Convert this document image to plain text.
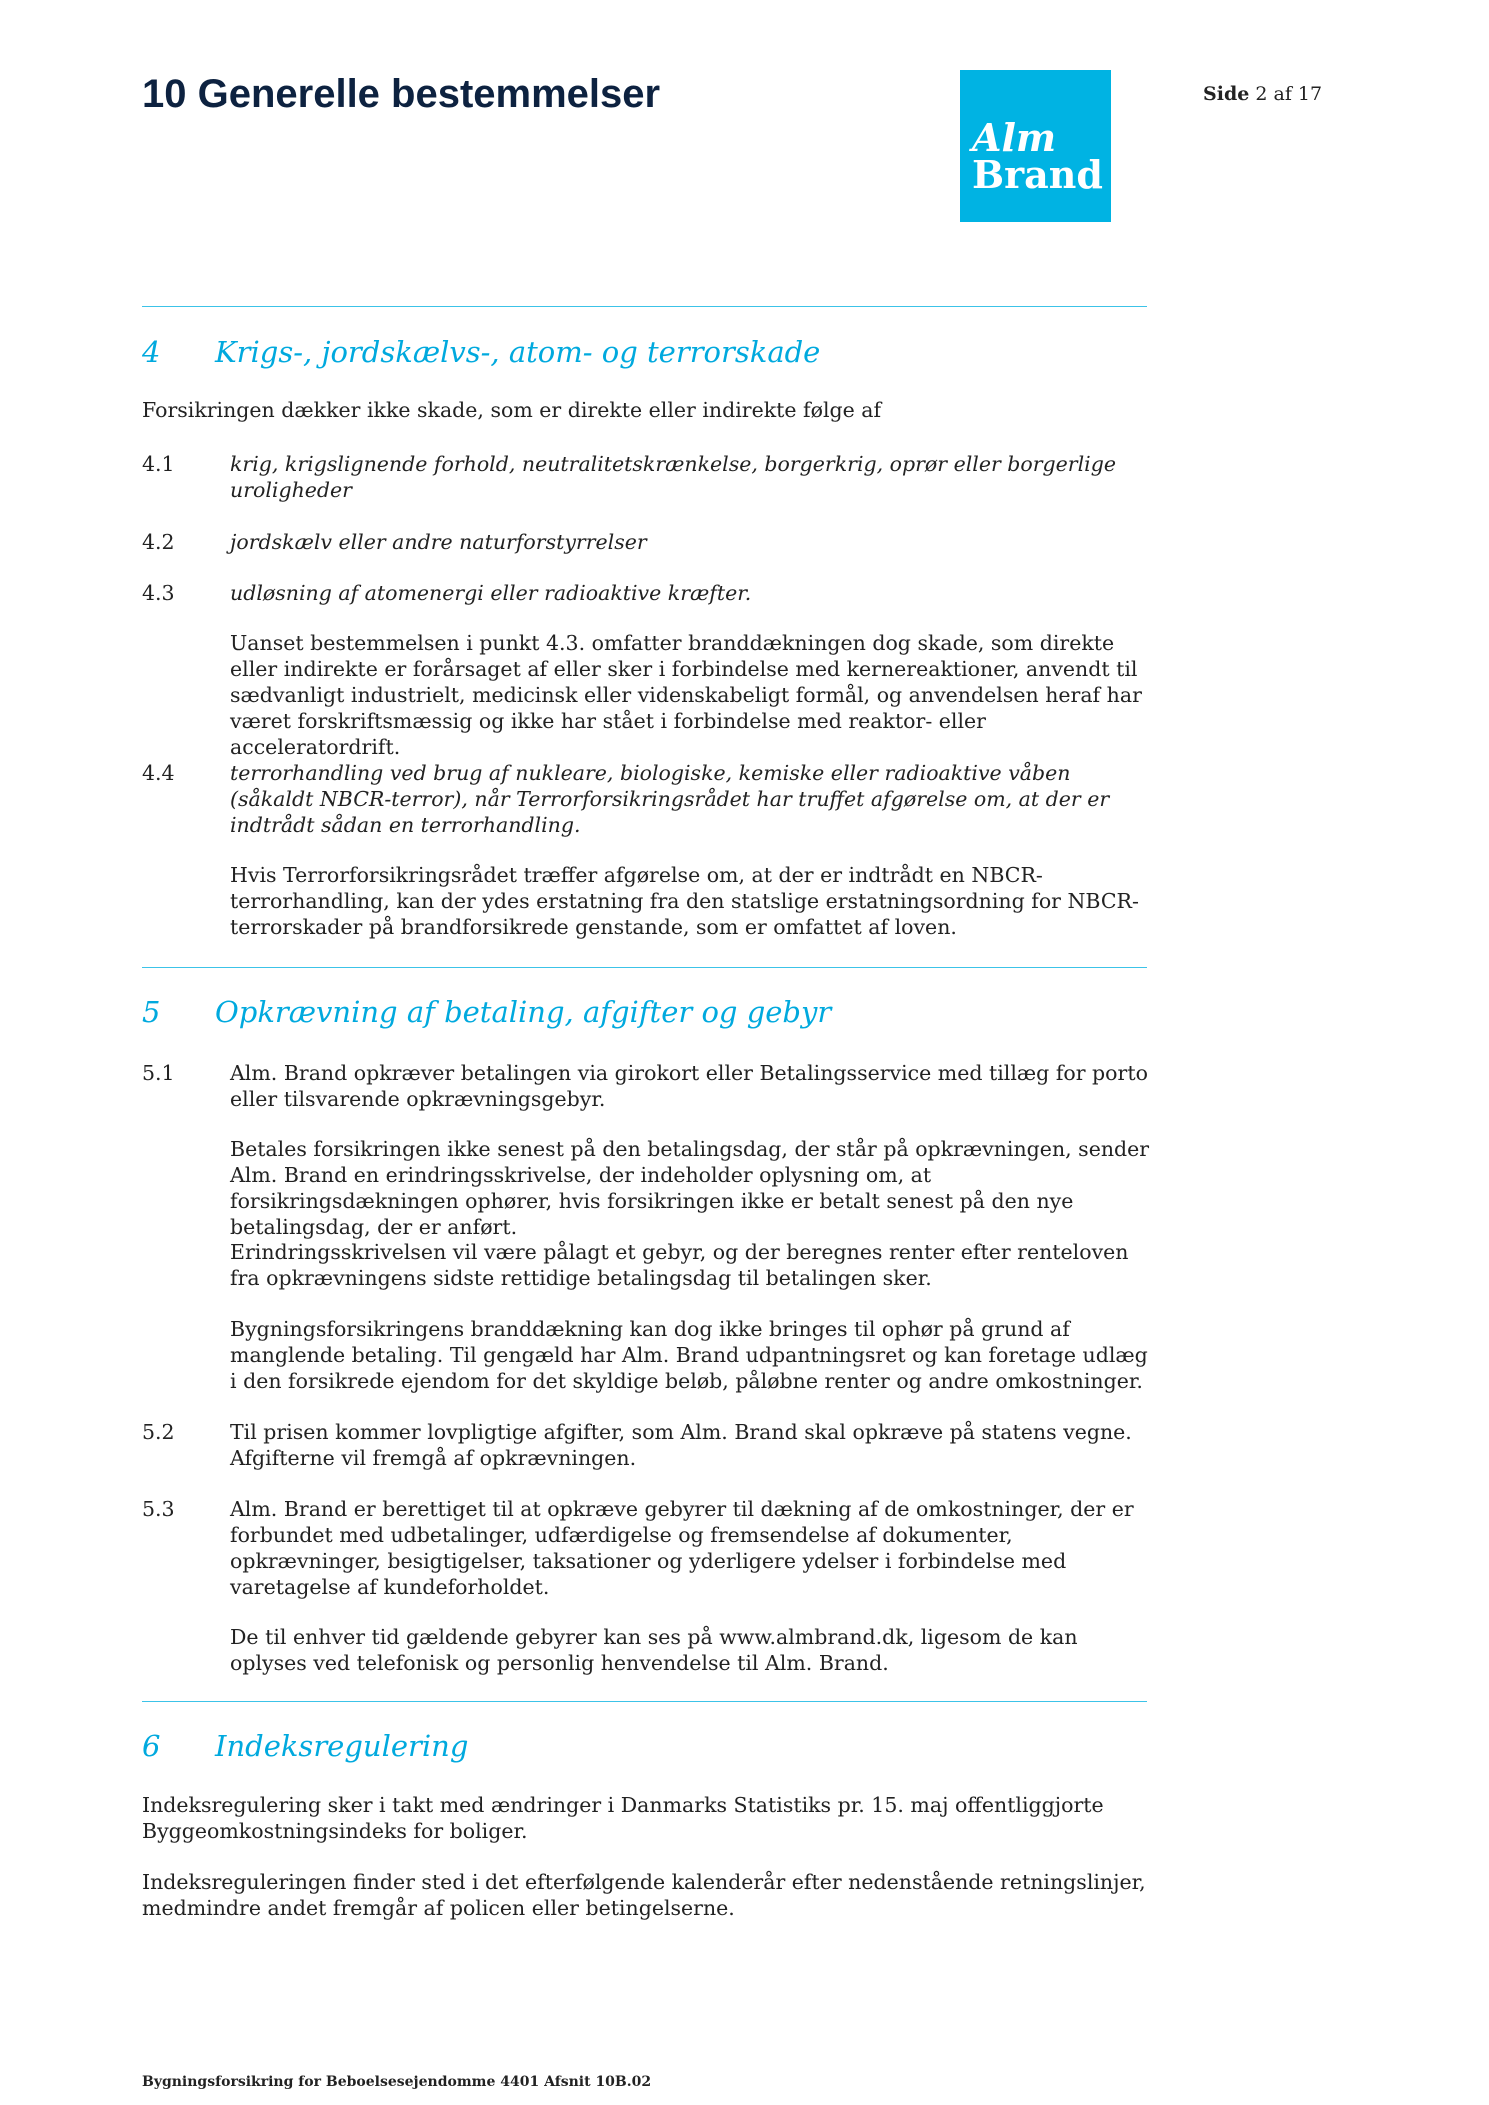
10 Generelle bestemmelser
Alm
Brand
Side 2 af 17
4 Krigs-, jordskælvs-, atom- og terrorskade

Forsikringen dækker ikke skade, som er direkte eller indirekte følge af

4.1	krig, krigslignende forhold, neutralitetskrænkelse, borgerkrig, oprør eller borgerlige uroligheder

4.2	jordskælv eller andre naturforstyrrelser

4.3	udløsning af atomenergi eller radioaktive kræfter.

Uanset bestemmelsen i punkt 4.3. omfatter branddækningen dog skade, som direkte eller indirekte er forårsaget af eller sker i forbindelse med kernereaktioner, anvendt til sædvanligt industrielt, medicinsk eller videnskabeligt formål, og anvendelsen heraf har været forskriftsmæssig og ikke har stået i forbindelse med reaktor- eller acceleratordrift.

4.4	terrorhandling ved brug af nukleare, biologiske, kemiske eller radioaktive våben (såkaldt NBCR-terror), når Terrorforsikringsrådet har truffet afgørelse om, at der er indtrådt sådan en terrorhandling.

Hvis Terrorforsikringsrådet træffer afgørelse om, at der er indtrådt en NBCR-terrorhandling, kan der ydes erstatning fra den statslige erstatningsordning for NBCR-terrorskader på brandforsikrede genstande, som er omfattet af loven.

5 Opkrævning af betaling, afgifter og gebyr
5.1	Alm. Brand opkræver betalingen via girokort eller Betalingsservice med tillæg for porto eller tilsvarende opkrævningsgebyr.

Betales forsikringen ikke senest på den betalingsdag, der står på opkrævningen, sender Alm. Brand en erindringsskrivelse, der indeholder oplysning om, at forsikringsdækningen ophører, hvis forsikringen ikke er betalt senest på den nye betalingsdag, der er anført.

Erindringsskrivelsen vil være pålagt et gebyr, og der beregnes renter efter renteloven fra opkrævningens sidste rettidige betalingsdag til betalingen sker.

Bygningsforsikringens branddækning kan dog ikke bringes til ophør på grund af manglende betaling. Til gengæld har Alm. Brand udpantningsret og kan foretage udlæg i den forsikrede ejendom for det skyldige beløb, påløbne renter og andre omkostninger.

5.2	Til prisen kommer lovpligtige afgifter, som Alm. Brand skal opkræve på statens vegne. Afgifterne vil fremgå af opkrævningen.

5.3	Alm. Brand er berettiget til at opkræve gebyrer til dækning af de omkostninger, der er forbundet med udbetalinger, udfærdigelse og fremsendelse af dokumenter, opkrævninger, besigtigelser, taksationer og yderligere ydelser i forbindelse med varetagelse af kundeforholdet.

De til enhver tid gældende gebyrer kan ses på www.almbrand.dk, ligesom de kan oplyses ved telefonisk og personlig henvendelse til Alm. Brand.

6 Indeksregulering

Indeksregulering sker i takt med ændringer i Danmarks Statistiks pr. 15. maj offentliggjorte Byggeomkostningsindeks for boliger.

Indeksreguleringen finder sted i det efterfølgende kalenderår efter nedenstående retningslinjer, medmindre andet fremgår af policen eller betingelserne.

Bygningsforsikring for Beboelsesejendomme 4401 Afsnit 10B.02
